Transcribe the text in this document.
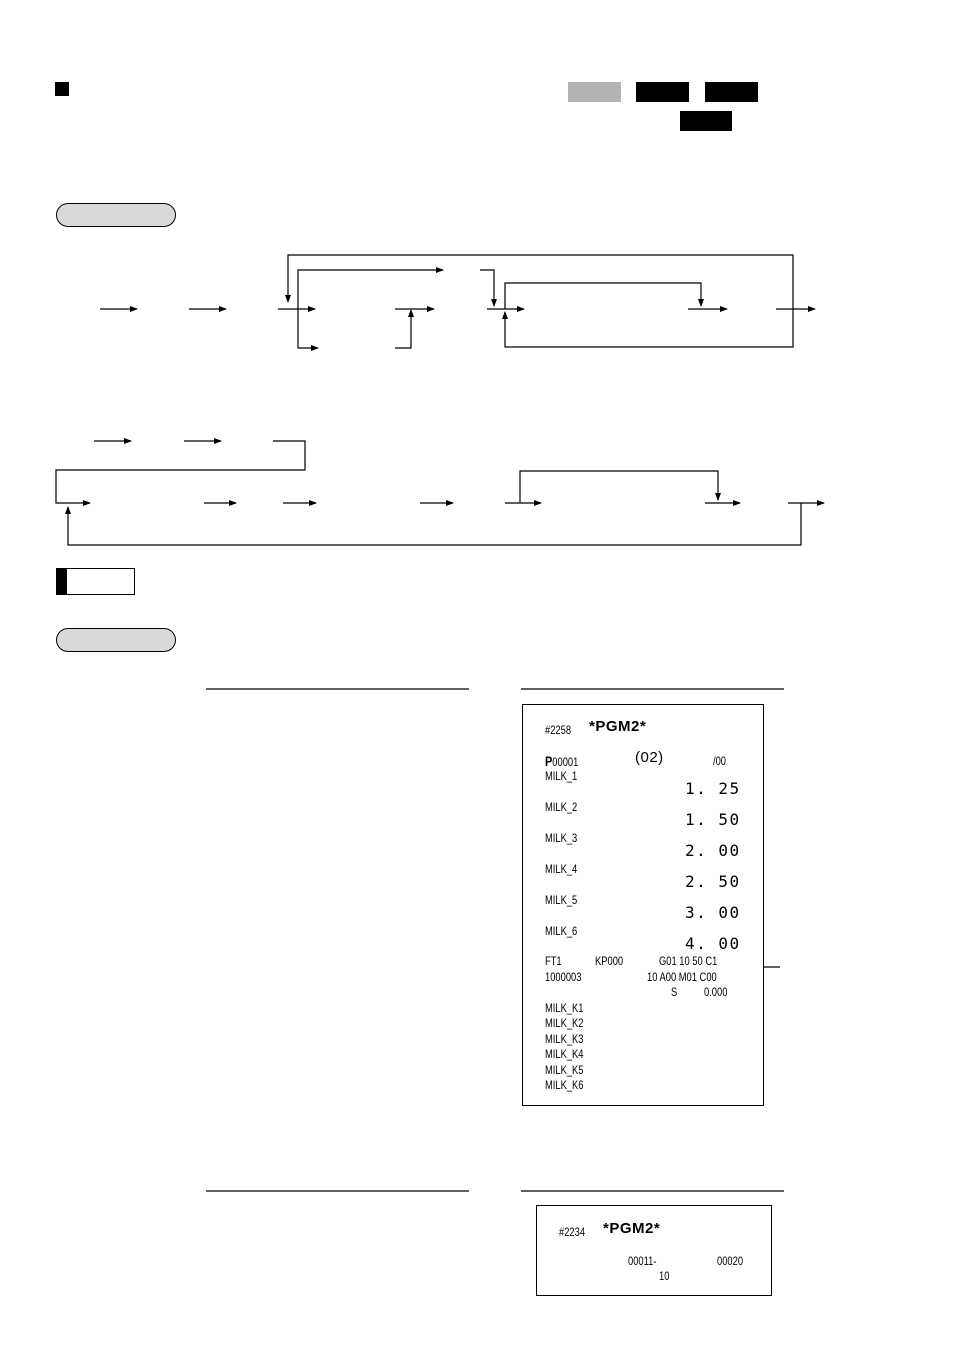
#2258 *PGM2*
P00001	(02)	/00
MILK_1
1. 25
MILK_2
1. 50
MILK_3
2. 00
MILK_4
2. 50
MILK_5
3. 00
MILK_6
4. 00
FT1	KP000	G01 10 50 C1
1000003	10 A00 M01 C00
S 0.000
MILK_K1
MILK_K2
MILK_K3
MILK_K4
MILK_K5
MILK_K6
#2234 *PGM2*
00011-	00020
10
